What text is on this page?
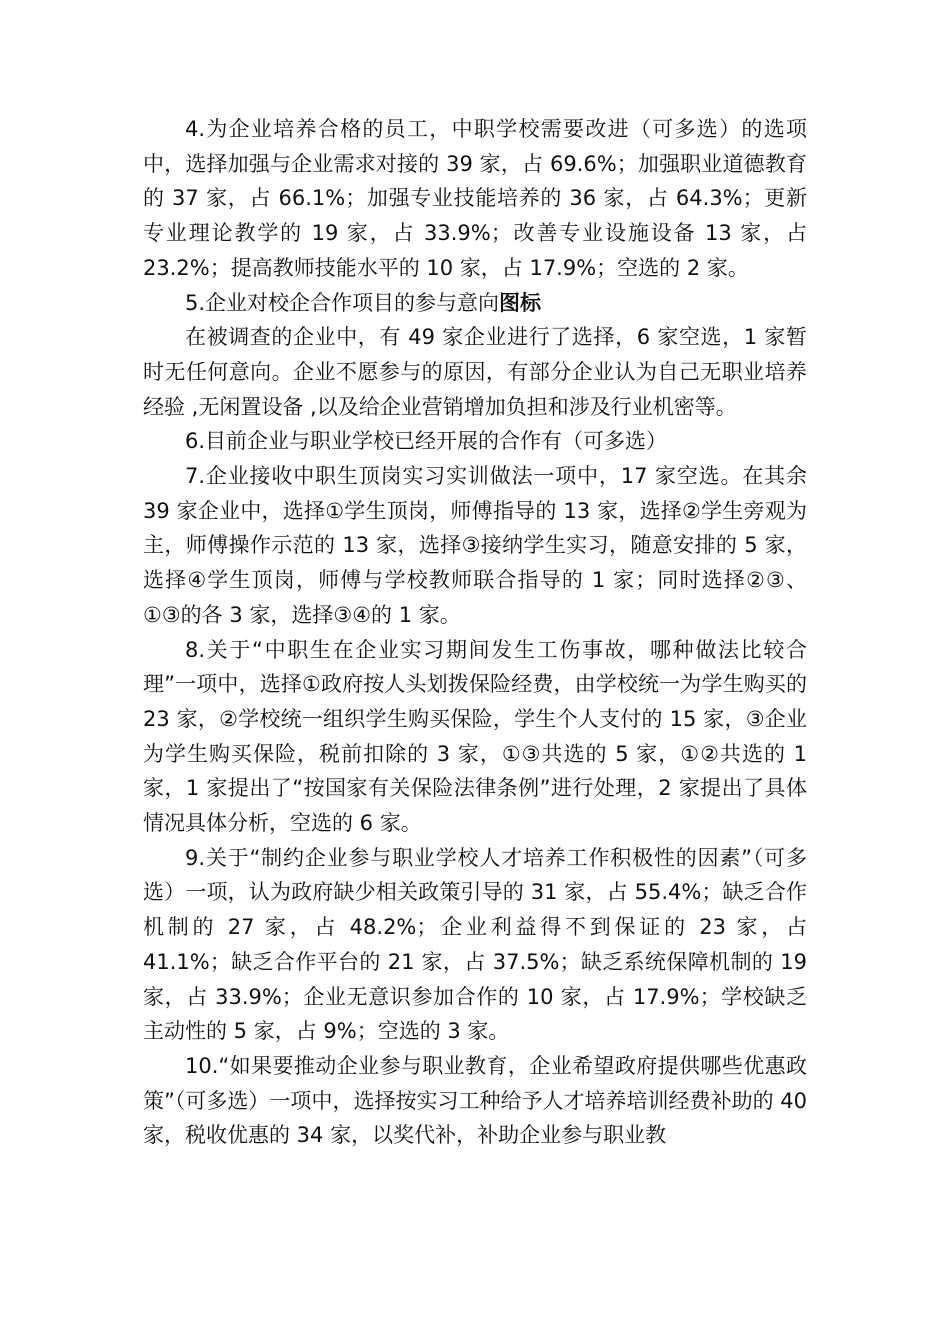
4.为企业培养合格的员工，中职学校需要改进（可多选）的选项中，选择加强与企业需求对接的 39 家，占 69.6%；加强职业道德教育的 37 家，占 66.1%；加强专业技能培养的 36 家，占 64.3%；更新专业理论教学的 19 家，占 33.9%；改善专业设施设备 13 家，占 23.2%；提高教师技能水平的 10 家，占 17.9%；空选的 2 家。

5.企业对校企合作项目的参与意向图标

在被调查的企业中，有 49 家企业进行了选择，6 家空选，1 家暂时无任何意向。企业不愿参与的原因，有部分企业认为自己无职业培养经验 ,无闲置设备 ,以及给企业营销增加负担和涉及行业机密等。

6.目前企业与职业学校已经开展的合作有（可多选）

7.企业接收中职生顶岗实习实训做法一项中，17 家空选。在其余 39 家企业中，选择①学生顶岗，师傅指导的 13 家，选择②学生旁观为主，师傅操作示范的 13 家，选择③接纳学生实习，随意安排的 5 家，选择④学生顶岗，师傅与学校教师联合指导的 1 家；同时选择②③、①③的各 3 家，选择③④的 1 家。

8.关于“中职生在企业实习期间发生工伤事故，哪种做法比较合理”一项中，选择①政府按人头划拨保险经费，由学校统一为学生购买的 23 家，②学校统一组织学生购买保险，学生个人支付的 15 家，③企业为学生购买保险，税前扣除的 3 家，①③共选的 5 家，①②共选的 1 家，1 家提出了“按国家有关保险法律条例”进行处理，2 家提出了具体情况具体分析，空选的 6 家。

9.关于“制约企业参与职业学校人才培养工作积极性的因素”（可多选）一项，认为政府缺少相关政策引导的 31 家，占 55.4%；缺乏合作机制的 27 家，占 48.2%；企业利益得不到保证的 23 家，占 41.1%；缺乏合作平台的 21 家，占 37.5%；缺乏系统保障机制的 19 家，占 33.9%；企业无意识参加合作的 10 家，占 17.9%；学校缺乏主动性的 5 家，占 9%；空选的 3 家。

10.“如果要推动企业参与职业教育，企业希望政府提供哪些优惠政策”（可多选）一项中，选择按实习工种给予人才培养培训经费补助的 40 家，税收优惠的 34 家，以奖代补，补助企业参与职业教
